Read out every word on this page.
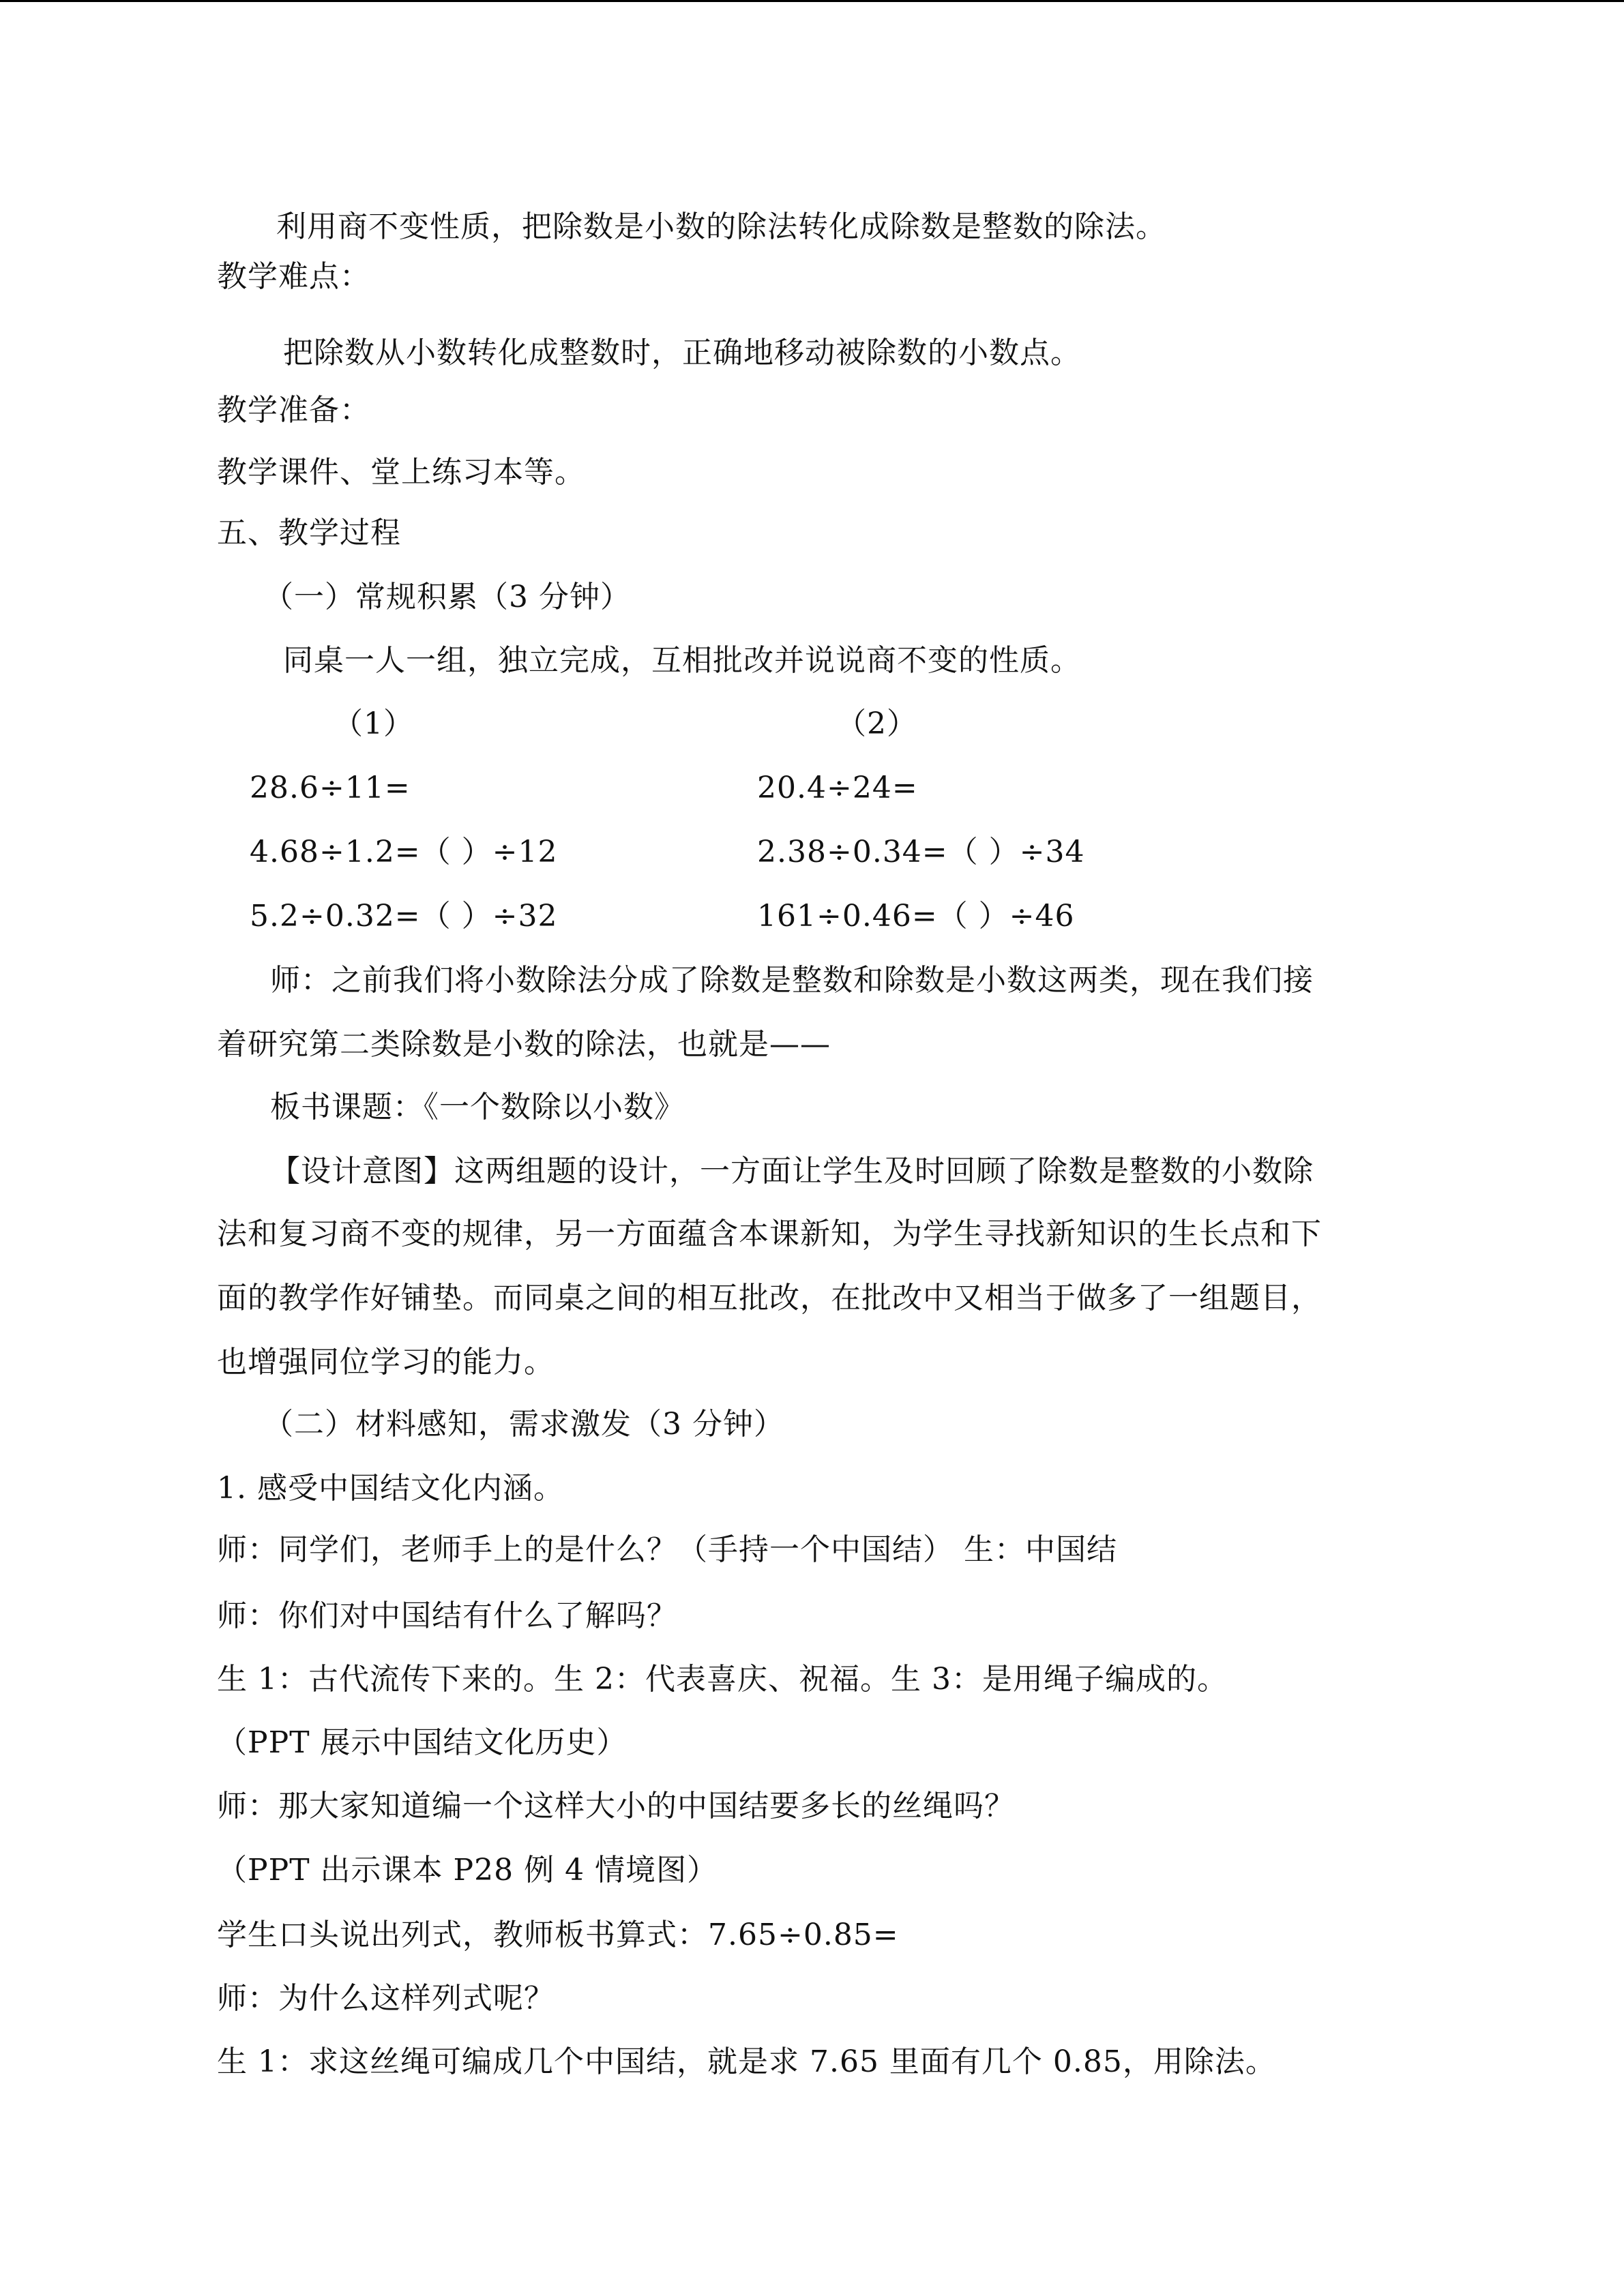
利用商不变性质，把除数是小数的除法转化成除数是整数的除法。
教学难点：
把除数从小数转化成整数时，正确地移动被除数的小数点。
教学准备：
教学课件、堂上练习本等。
五、教学过程
（一）常规积累（3 分钟）
同桌一人一组，独立完成，互相批改并说说商不变的性质。
（1）	（2）
28.6÷11=	20.4÷24=
4.68÷1.2=（ ）÷12	2.38÷0.34=（ ）÷34
5.2÷0.32=（ ）÷32	161÷0.46=（ ）÷46
师：之前我们将小数除法分成了除数是整数和除数是小数这两类，现在我们接
着研究第二类除数是小数的除法，也就是——
板书课题：《一个数除以小数》
【设计意图】这两组题的设计，一方面让学生及时回顾了除数是整数的小数除
法和复习商不变的规律，另一方面蕴含本课新知，为学生寻找新知识的生长点和下
面的教学作好铺垫。而同桌之间的相互批改，在批改中又相当于做多了一组题目，
也增强同位学习的能力。
（二）材料感知，需求激发（3 分钟）
1. 感受中国结文化内涵。
师：同学们，老师手上的是什么？（手持一个中国结） 生：中国结
师：你们对中国结有什么了解吗？
生 1：古代流传下来的。生 2：代表喜庆、祝福。生 3：是用绳子编成的。
（PPT 展示中国结文化历史）
师：那大家知道编一个这样大小的中国结要多长的丝绳吗？
（PPT 出示课本 P28 例 4 情境图）
学生口头说出列式，教师板书算式：7.65÷0.85=
师：为什么这样列式呢？
生 1：求这丝绳可编成几个中国结，就是求 7.65 里面有几个 0.85，用除法。
